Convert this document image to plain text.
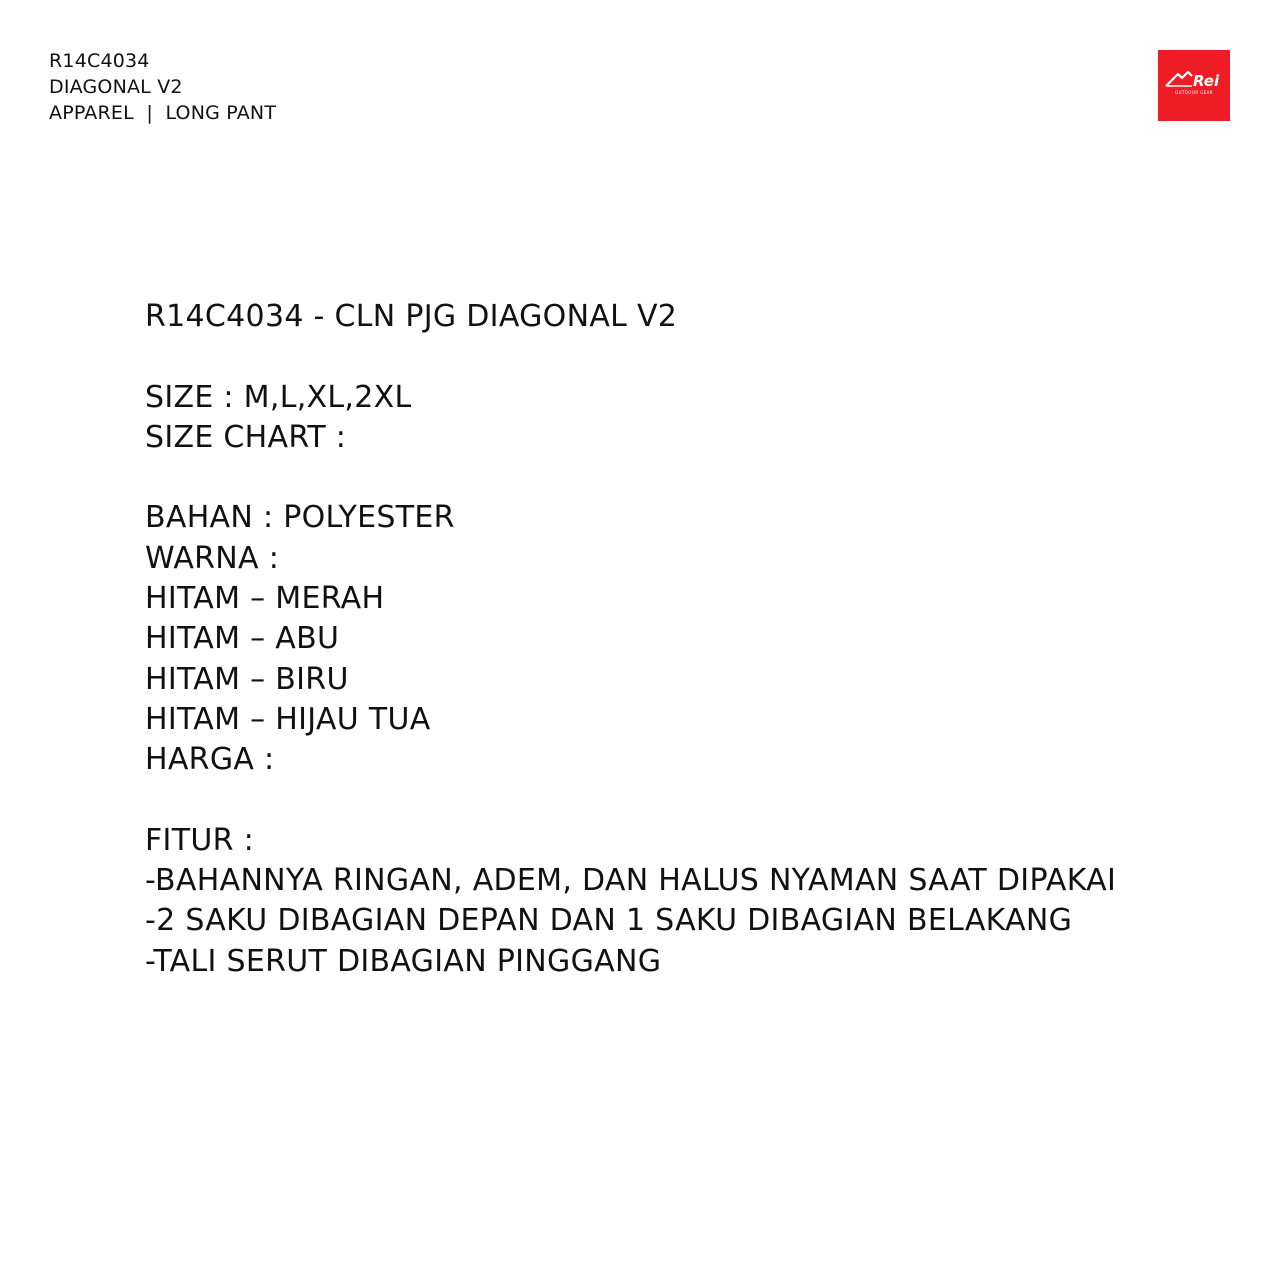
R14C4034
DIAGONAL V2
APPAREL  |  LONG PANT
Rei
OUTDOOR GEAR
R14C4034 - CLN PJG DIAGONAL V2
SIZE : M,L,XL,2XL
SIZE CHART :
BAHAN : POLYESTER
WARNA :
HITAM – MERAH
HITAM – ABU
HITAM – BIRU
HITAM – HIJAU TUA
HARGA :
FITUR :
-BAHANNYA RINGAN, ADEM, DAN HALUS NYAMAN SAAT DIPAKAI
-2 SAKU DIBAGIAN DEPAN DAN 1 SAKU DIBAGIAN BELAKANG
-TALI SERUT DIBAGIAN PINGGANG
